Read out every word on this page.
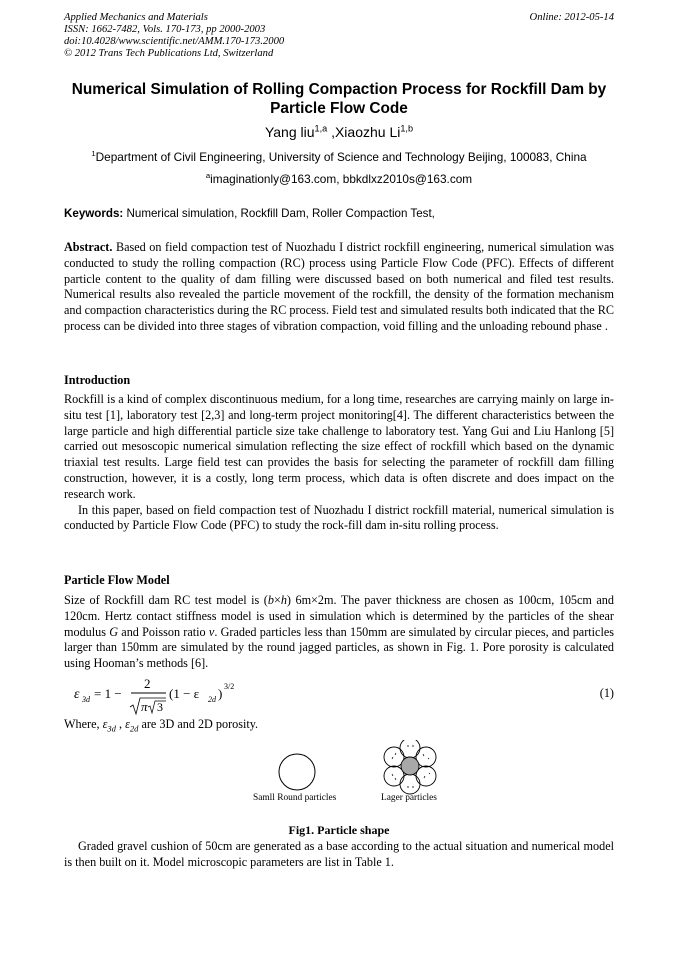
Applied Mechanics and Materials
ISSN: 1662-7482, Vols. 170-173, pp 2000-2003
doi:10.4028/www.scientific.net/AMM.170-173.2000
© 2012 Trans Tech Publications Ltd, Switzerland
Online: 2012-05-14
Numerical Simulation of Rolling Compaction Process for Rockfill Dam by Particle Flow Code
Yang liu$^{1,a}$ ,Xiaozhu Li$^{1,b}$
$^1$Department of Civil Engineering, University of Science and Technology Beijing, 100083, China
$^a$imaginationly@163.com, bbkdlxz2010s@163.com
Keywords: Numerical simulation, Rockfill Dam, Roller Compaction Test,
Abstract. Based on field compaction test of Nuozhadu I district rockfill engineering, numerical simulation was conducted to study the rolling compaction (RC) process using Particle Flow Code (PFC). Effects of different particle content to the quality of dam filling were discussed based on both numerical and filed test results. Numerical results also revealed the particle movement of the rockfill, the density of the formation mechanism and compaction characteristics during the RC process. Field test and simulated results both indicated that the RC process can be divided into three stages of vibration compaction, void filling and the unloading rebound phase .
Introduction
Rockfill is a kind of complex discontinuous medium, for a long time, researches are carrying mainly on large in-situ test [1], laboratory test [2,3] and long-term project monitoring[4]. The different characteristics between the large particle and high differential particle size take challenge to laboratory test. Yang Gui and Liu Hanlong [5] carried out mesoscopic numerical simulation reflecting the size effect of rockfill which based on the dynamic triaxial test results. Large field test can provides the basis for selecting the parameter of rockfill dam filling construction, however, it is a costly, long term process, which data is often discrete and does impact on the research work.
In this paper, based on field compaction test of Nuozhadu I district rockfill material, numerical simulation is conducted by Particle Flow Code (PFC) to study the rock-fill dam in-situ rolling process.
Particle Flow Model
Size of Rockfill dam RC test model is (b×h) 6m×2m. The paver thickness are chosen as 100cm, 105cm and 120cm. Hertz contact stiffness model is used in simulation which is determined by the particles of the shear modulus G and Poisson ratio v. Graded particles less than 150mm are simulated by circular pieces, and particles larger than 150mm are simulated by the round jagged particles, as shown in Fig. 1. Pore porosity is calculated using Hooman’s methods [6].
ε 3d = 1 −
2
π 3
(1 − ε 2d ) 3/2	(1)
Where, $\varepsilon_{3d}$ , $\varepsilon_{2d}$ are 3D and 2D porosity.
Samll Round particles	Lager particles
Fig1. Particle shape
Graded gravel cushion of 50cm are generated as a base according to the actual situation and numerical model is then built on it. Model microscopic parameters are list in Table 1.
